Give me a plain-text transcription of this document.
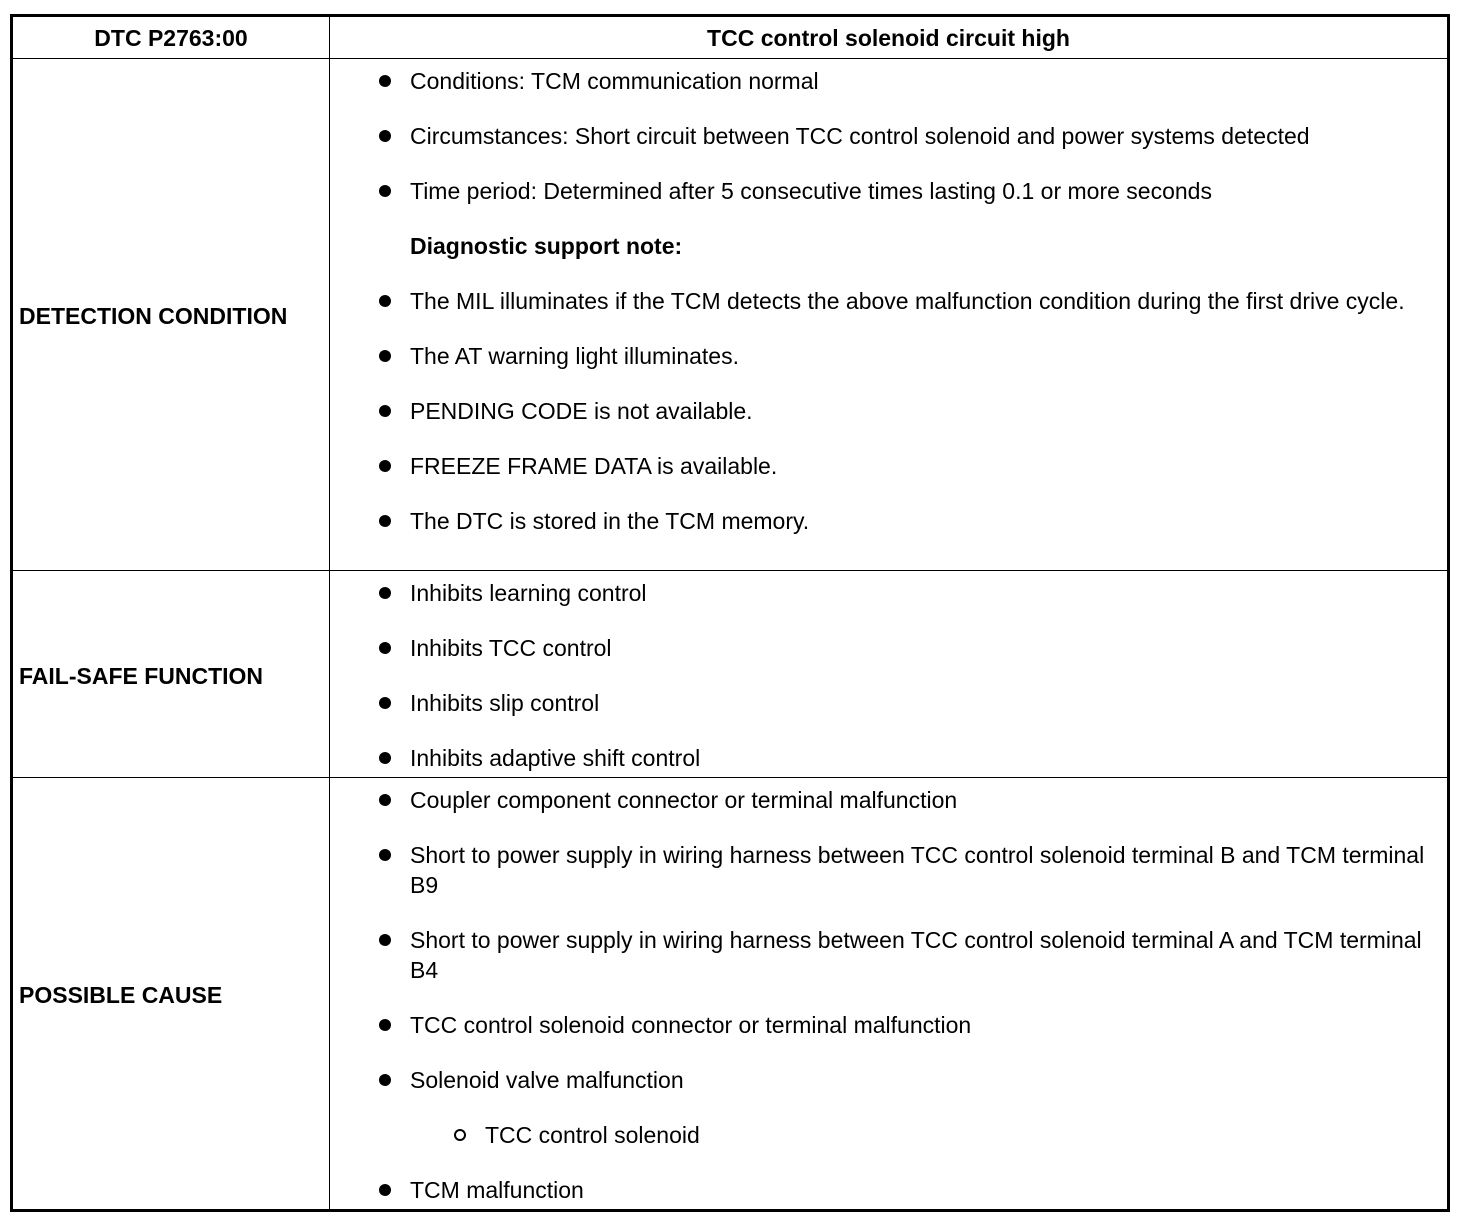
DTC P2763:00	TCC control solenoid circuit high
DETECTION CONDITION
Conditions: TCM communication normal
Circumstances: Short circuit between TCC control solenoid and power systems detected
Time period: Determined after 5 consecutive times lasting 0.1 or more seconds
Diagnostic support note:
The MIL illuminates if the TCM detects the above malfunction condition during the first drive cycle.
The AT warning light illuminates.
PENDING CODE is not available.
FREEZE FRAME DATA is available.
The DTC is stored in the TCM memory.
FAIL-SAFE FUNCTION
Inhibits learning control
Inhibits TCC control
Inhibits slip control
Inhibits adaptive shift control
POSSIBLE CAUSE
Coupler component connector or terminal malfunction
Short to power supply in wiring harness between TCC control solenoid terminal B and TCM terminal B9
Short to power supply in wiring harness between TCC control solenoid terminal A and TCM terminal B4
TCC control solenoid connector or terminal malfunction
Solenoid valve malfunction
TCC control solenoid
TCM malfunction
